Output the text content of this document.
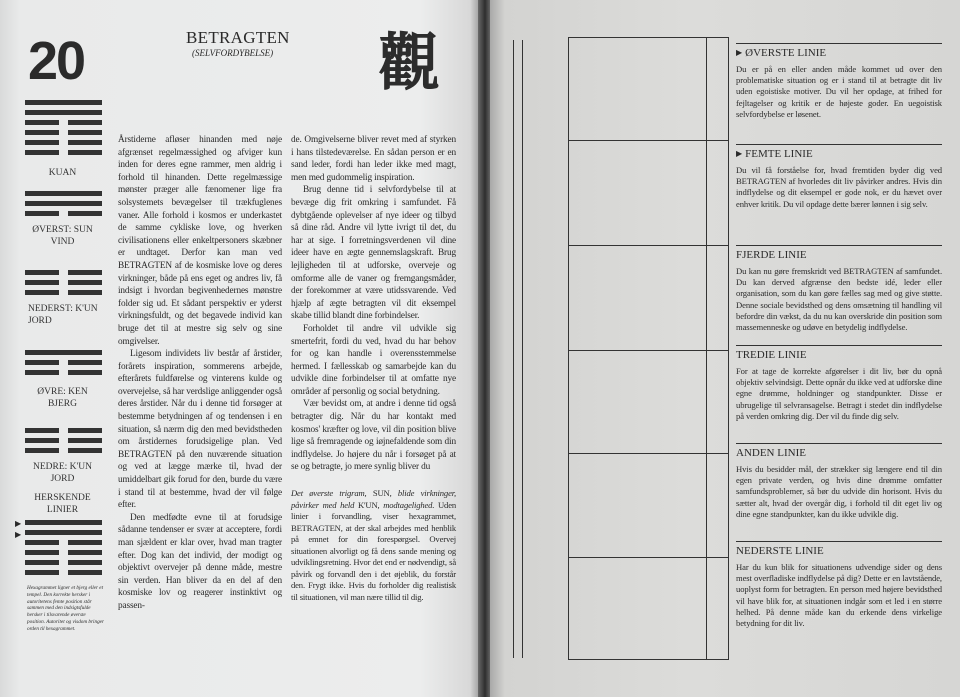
20
KUAN
ØVERST: SUN
VIND
NEDERST: K'UN
JORD
ØVRE: KEN
BJERG
NEDRE: K'UN
JORD
HERSKENDE
LINIER
▶
▶
Hexagrammet ligner et bjerg eller et tempel. Den korrekte hersker i autoritetens femte position står sammen med den indsigtsfulde hersker i tilsvarende øverste position. Autoritet og visdom bringer orden til hexagrammet.
BETRAGTEN
(SELVFORDYBELSE) 觀

Årstiderne afløser hinanden med nøje afgrænset regelmæssighed og afviger kun inden for deres egne rammer, men aldrig i forhold til hinanden. Dette regelmæssige mønster præger alle fænomener lige fra solsystemets bevægelser til trækfuglenes vaner. Alle forhold i kosmos er underkastet de samme cykliske love, og hverken civilisationens eller enkeltpersoners skæbner er undtaget. Derfor kan man ved BETRAGTEN af de kosmiske love og deres virkninger, både på ens eget og andres liv, få indsigt i hvordan begivenhedernes mønstre folder sig ud. Et sådant perspektiv er yderst virkningsfuldt, og det begavede individ kan bruge det til at mestre sig selv og sine omgivelser.

Ligesom individets liv består af årstider, forårets inspiration, sommerens arbejde, efterårets fuldførelse og vinterens kulde og overvejelse, så har verdslige anliggender også deres årstider. Når du i denne tid forsøger at bestemme betydningen af og tendensen i en situation, så nærm dig den med bevidstheden om årstidernes forudsigelige plan. Ved BETRAGTEN på den nuværende situation og ved at lægge mærke til, hvad der umiddelbart gik forud for den, burde du være i stand til at bestemme, hvad der vil følge efter.

Den medfødte evne til at forudsige sådanne tendenser er svær at acceptere, fordi man sjældent er klar over, hvad man tragter efter. Dog kan det individ, der modigt og objektivt overvejer på denne måde, mestre sin verden. Han bliver da en del af den kosmiske lov og reagerer instinktivt og passen-

de. Omgivelserne bliver revet med af styrken i hans tilstedeværelse. En sådan person er en sand leder, fordi han leder ikke med magt, men med gudommelig inspiration.

Brug denne tid i selvfordybelse til at bevæge dig frit omkring i samfundet. Få dybtgående oplevelser af nye ideer og tilbyd så dine råd. Andre vil lytte ivrigt til det, du har at sige. I forretningsverdenen vil dine ideer have en ægte gennemslagskraft. Brug lejligheden til at udforske, overveje og omforme alle de vaner og fremgangsmåder, der forekommer at være utidssvarende. Ved hjælp af ægte betragten vil dit eksempel skabe tillid blandt dine forbindelser.

Forholdet til andre vil udvikle sig smertefrit, fordi du ved, hvad du har behov for og kan handle i overensstemmelse hermed. I fællesskab og samarbejde kan du udvikle dine forbindelser til at omfatte nye områder af personlig og social betydning.

Vær bevidst om, at andre i denne tid også betragter dig. Når du har kontakt med kosmos' kræfter og love, vil din position blive lige så fremragende og iøjnefaldende som din indflydelse. Jo højere du når i forsøget på at se og betragte, jo mere synlig bliver du

Det øverste trigram, SUN, blide virkninger, påvirker med held K'UN, modtagelighed. Uden linier i forvandling, viser hexagrammet, BETRAGTEN, at der skal arbejdes med henblik på emnet for din forespørgsel. Overvej situationen alvorligt og få dens sande mening og udviklingsretning. Hvor det end er nødvendigt, så påvirk og forvandl den i det øjeblik, du forstår den. Frygt ikke. Hvis du forholder dig realistisk til situationen, vil man nære tillid til dig.
▶ ØVERSTE LINIE

Du er på en eller anden måde kommet ud over den problematiske situation og er i stand til at betragte dit liv uden egoistiske motiver. Du vil her opdage, at frihed for fejltagelser og kritik er de højeste goder. En uegoistisk selvfordybelse er løsenet.

▶ FEMTE LINIE

Du vil få forståelse for, hvad fremtiden byder dig ved BETRAGTEN af hvorledes dit liv påvirker andres. Hvis din indflydelse og dit eksempel er gode nok, er du hævet over enhver kritik. Du vil opdage dette bærer lønnen i sig selv.

FJERDE LINIE

Du kan nu gøre fremskridt ved BETRAGTEN af samfundet. Du kan derved afgrænse den bedste idé, leder eller organisation, som du kan gøre fælles sag med og give støtte. Denne sociale bevidsthed og dens omsætning til handling vil befordre din vækst, da du nu kan overskride din position som massemenneske og udøve en betydelig indflydelse.

TREDIE LINIE

For at tage de korrekte afgørelser i dit liv, bør du opnå objektiv selvindsigt. Dette opnår du ikke ved at udforske dine egne drømme, holdninger og standpunkter. Disse er ubrugelige til selvransagelse. Betragt i stedet din indflydelse på verden omkring dig. Der vil du finde dig selv.

ANDEN LINIE

Hvis du besidder mål, der strækker sig længere end til din egen private verden, og hvis dine drømme omfatter samfundsproblemer, så bør du udvide din horisont. Hvis du sætter alt, hvad der overgår dig, i forhold til dit eget liv og dine egne standpunkter, kan du ikke udvikle dig.

NEDERSTE LINIE

Har du kun blik for situationens udvendige sider og dens mest overfladiske indflydelse på dig? Dette er en lavtstående, uoplyst form for betragten. En person med højere bevidsthed vil have blik for, at situationen indgår som et led i en større helhed. På denne måde kan du erkende dens virkelige betydning for dit liv.
